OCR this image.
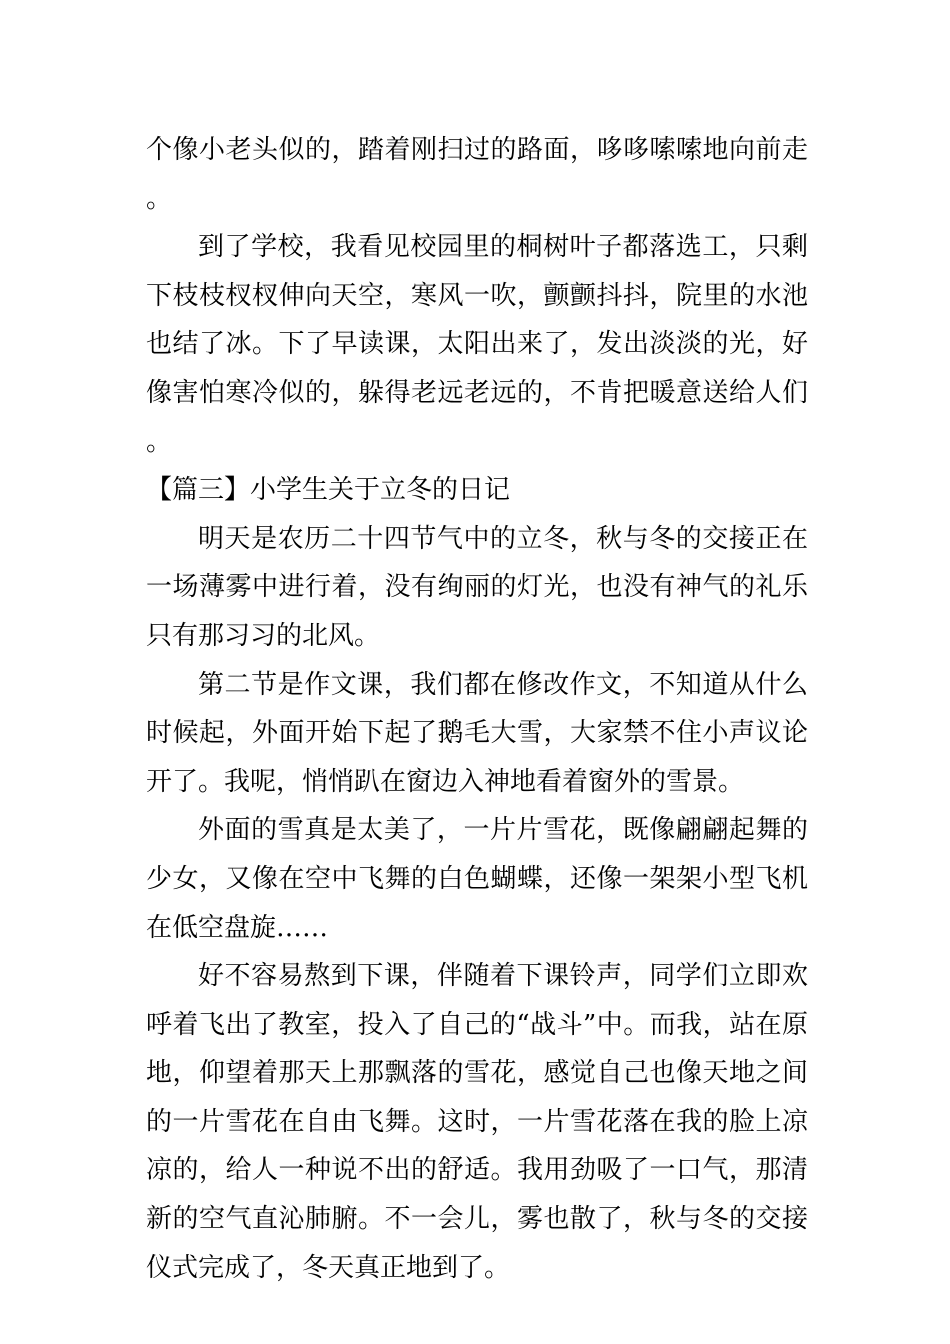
个像小老头似的，踏着刚扫过的路面，哆哆嗦嗦地向前走。

到了学校，我看见校园里的桐树叶子都落选工，只剩下枝枝杈杈伸向天空，寒风一吹，颤颤抖抖，院里的水池也结了冰。下了早读课，太阳出来了，发出淡淡的光，好像害怕寒冷似的，躲得老远老远的，不肯把暖意送给人们。

【篇三】小学生关于立冬的日记

明天是农历二十四节气中的立冬，秋与冬的交接正在一场薄雾中进行着，没有绚丽的灯光，也没有神气的礼乐只有那习习的北风。

第二节是作文课，我们都在修改作文，不知道从什么时候起，外面开始下起了鹅毛大雪，大家禁不住小声议论开了。我呢，悄悄趴在窗边入神地看着窗外的雪景。

外面的雪真是太美了，一片片雪花，既像翩翩起舞的少女，又像在空中飞舞的白色蝴蝶，还像一架架小型飞机在低空盘旋……

好不容易熬到下课，伴随着下课铃声，同学们立即欢呼着飞出了教室，投入了自己的“战斗”中。而我，站在原地，仰望着那天上那飘落的雪花，感觉自己也像天地之间的一片雪花在自由飞舞。这时，一片雪花落在我的脸上凉凉的，给人一种说不出的舒适。我用劲吸了一口气，那清新的空气直沁肺腑。不一会儿，雾也散了，秋与冬的交接仪式完成了，冬天真正地到了。
